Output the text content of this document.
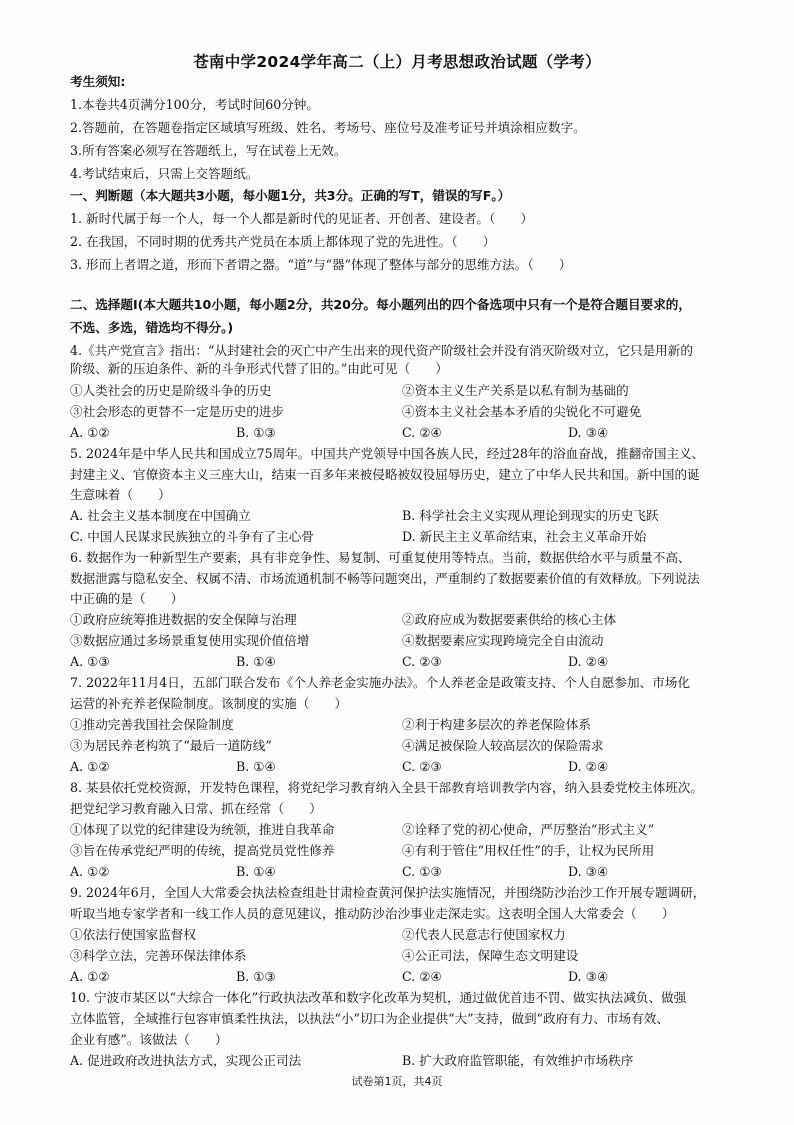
苍南中学2024学年高二（上）月考思想政治试题（学考）
考生须知:
1.本卷共4页满分100分，考试时间60分钟。
2.答题前，在答题卷指定区域填写班级、姓名、考场号、座位号及准考证号并填涂相应数字。
3.所有答案必须写在答题纸上，写在试卷上无效。
4.考试结束后，只需上交答题纸。
一、判断题（本大题共3小题，每小题1分，共3分。正确的写T，错误的写F。）
1. 新时代属于每一个人，每一个人都是新时代的见证者、开创者、建设者。（　　）
2. 在我国，不同时期的优秀共产党员在本质上都体现了党的先进性。（　　）
3. 形而上者谓之道，形而下者谓之器。“道”与“器”体现了整体与部分的思维方法。（　　）
二、选择题Ⅰ(本大题共10小题，每小题2分，共20分。每小题列出的四个备选项中只有一个是符合题目要求的，
不选、多选，错选均不得分。)
4.《共产党宣言》指出：“从封建社会的灭亡中产生出来的现代资产阶级社会并没有消灭阶级对立，它只是用新的
阶级、新的压迫条件、新的斗争形式代替了旧的。”由此可见（　　）
①人类社会的历史是阶级斗争的历史	②资本主义生产关系是以私有制为基础的
③社会形态的更替不一定是历史的进步	④资本主义社会基本矛盾的尖锐化不可避免
A. ①②	B. ①③	C. ②④	D. ③④
5. 2024年是中华人民共和国成立75周年。中国共产党领导中国各族人民，经过28年的浴血奋战，推翻帝国主义、
封建主义、官僚资本主义三座大山，结束一百多年来被侵略被奴役屈辱历史，建立了中华人民共和国。新中国的诞
生意味着（　　）
A. 社会主义基本制度在中国确立	B. 科学社会主义实现从理论到现实的历史飞跃
C. 中国人民谋求民族独立的斗争有了主心骨	D. 新民主主义革命结束，社会主义革命开始
6. 数据作为一种新型生产要素，具有非竞争性、易复制、可重复使用等特点。当前，数据供给水平与质量不高、
数据泄露与隐私安全、权属不清、市场流通机制不畅等问题突出，严重制约了数据要素价值的有效释放。下列说法
中正确的是（　　）
①政府应统筹推进数据的安全保障与治理	②政府应成为数据要素供给的核心主体
③数据应通过多场景重复使用实现价值倍增	④数据要素应实现跨境完全自由流动
A. ①③	B. ①④	C. ②③	D. ②④
7. 2022年11月4日，五部门联合发布《个人养老金实施办法》。个人养老金是政策支持、个人自愿参加、市场化
运营的补充养老保险制度。该制度的实施（　　）
①推动完善我国社会保险制度	②利于构建多层次的养老保险体系
③为居民养老构筑了“最后一道防线”	④满足被保险人较高层次的保险需求
A. ①②	B. ①④	C. ②③	D. ②④
8. 某县依托党校资源，开发特色课程，将党纪学习教育纳入全县干部教育培训教学内容，纳入县委党校主体班次。
把党纪学习教育融入日常、抓在经常（　　）
①体现了以党的纪律建设为统领，推进自我革命	②诠释了党的初心使命，严厉整治“形式主义”
③旨在传承党纪严明的传统，提高党员党性修养	④有利于管住“用权任性”的手，让权为民所用
A. ①②	B. ①④	C. ①③	D. ③④
9. 2024年6月，全国人大常委会执法检查组赴甘肃检查黄河保护法实施情况，并围绕防沙治沙工作开展专题调研，
听取当地专家学者和一线工作人员的意见建议，推动防沙治沙事业走深走实。这表明全国人大常委会（　　）
①依法行使国家监督权	②代表人民意志行使国家权力
③科学立法，完善环保法律体系	④公正司法，保障生态文明建设
A. ①②	B. ①③	C. ②④	D. ③④
10. 宁波市某区以“大综合一体化”行政执法改革和数字化改革为契机，通过做优首违不罚、做实执法减负、做强
立体监管，全域推行包容审慎柔性执法，以执法“小”切口为企业提供“大”支持，做到“政府有力、市场有效、
企业有感”。该做法（　　）
A. 促进政府改进执法方式，实现公正司法	B. 扩大政府监管职能，有效维护市场秩序
试卷第1页，共4页
